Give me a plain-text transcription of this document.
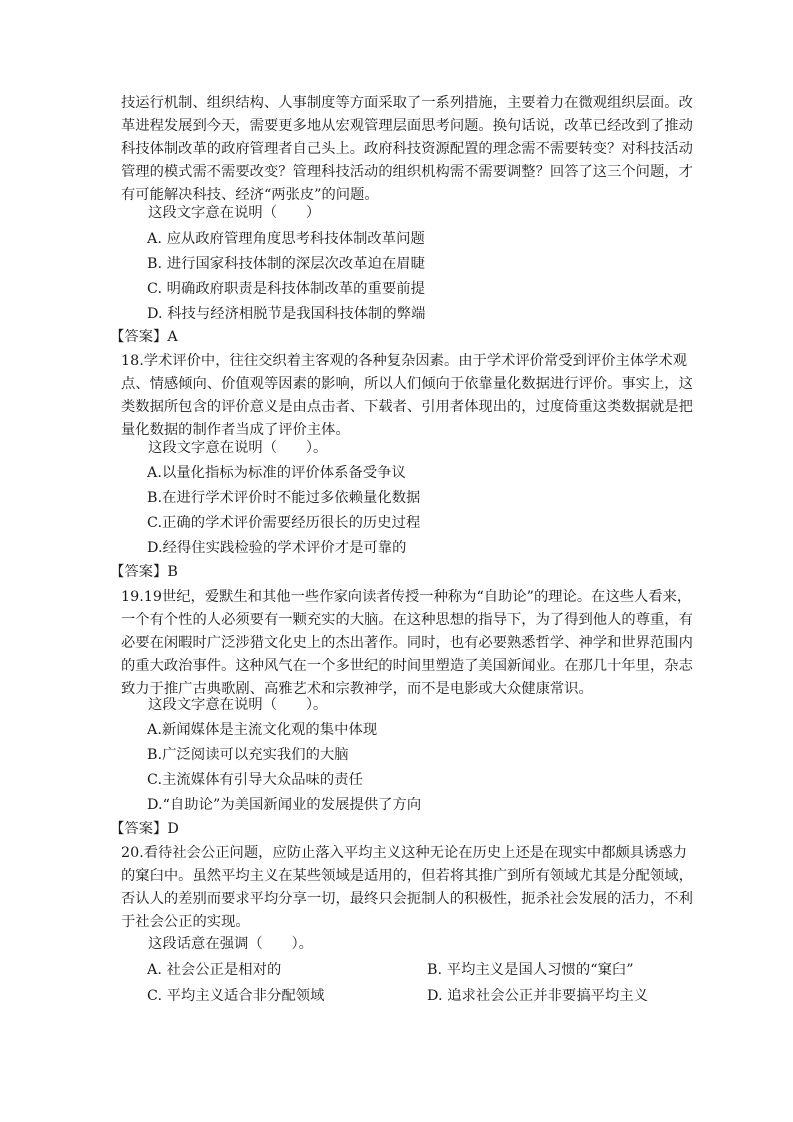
技运行机制、组织结构、人事制度等方面采取了一系列措施，主要着力在微观组织层面。改
革进程发展到今天，需要更多地从宏观管理层面思考问题。换句话说，改革已经改到了推动
科技体制改革的政府管理者自己头上。政府科技资源配置的理念需不需要转变？对科技活动
管理的模式需不需要改变？管理科技活动的组织机构需不需要调整？回答了这三个问题，才
有可能解决科技、经济“两张皮”的问题。
这段文字意在说明（　　）
A. 应从政府管理角度思考科技体制改革问题
B. 进行国家科技体制的深层次改革迫在眉睫
C. 明确政府职责是科技体制改革的重要前提
D. 科技与经济相脱节是我国科技体制的弊端
【答案】A
18.学术评价中，往往交织着主客观的各种复杂因素。由于学术评价常受到评价主体学术观
点、情感倾向、价值观等因素的影响，所以人们倾向于依靠量化数据进行评价。事实上，这
类数据所包含的评价意义是由点击者、下载者、引用者体现出的，过度倚重这类数据就是把
量化数据的制作者当成了评价主体。
这段文字意在说明（　　）。
A.以量化指标为标准的评价体系备受争议
B.在进行学术评价时不能过多依赖量化数据
C.正确的学术评价需要经历很长的历史过程
D.经得住实践检验的学术评价才是可靠的
【答案】B
19.19世纪，爱默生和其他一些作家向读者传授一种称为“自助论”的理论。在这些人看来，
一个有个性的人必须要有一颗充实的大脑。在这种思想的指导下，为了得到他人的尊重，有
必要在闲暇时广泛涉猎文化史上的杰出著作。同时，也有必要熟悉哲学、神学和世界范围内
的重大政治事件。这种风气在一个多世纪的时间里塑造了美国新闻业。在那几十年里，杂志
致力于推广古典歌剧、高雅艺术和宗教神学，而不是电影或大众健康常识。
这段文字意在说明（　　）。
A.新闻媒体是主流文化观的集中体现
B.广泛阅读可以充实我们的大脑
C.主流媒体有引导大众品味的责任
D.“自助论”为美国新闻业的发展提供了方向
【答案】D
20.看待社会公正问题，应防止落入平均主义这种无论在历史上还是在现实中都颇具诱惑力
的窠臼中。虽然平均主义在某些领域是适用的，但若将其推广到所有领域尤其是分配领域，
否认人的差别而要求平均分享一切，最终只会扼制人的积极性，扼杀社会发展的活力，不利
于社会公正的实现。
这段话意在强调（　　）。
A. 社会公正是相对的	B. 平均主义是国人习惯的“窠臼”
C. 平均主义适合非分配领域	D. 追求社会公正并非要搞平均主义
